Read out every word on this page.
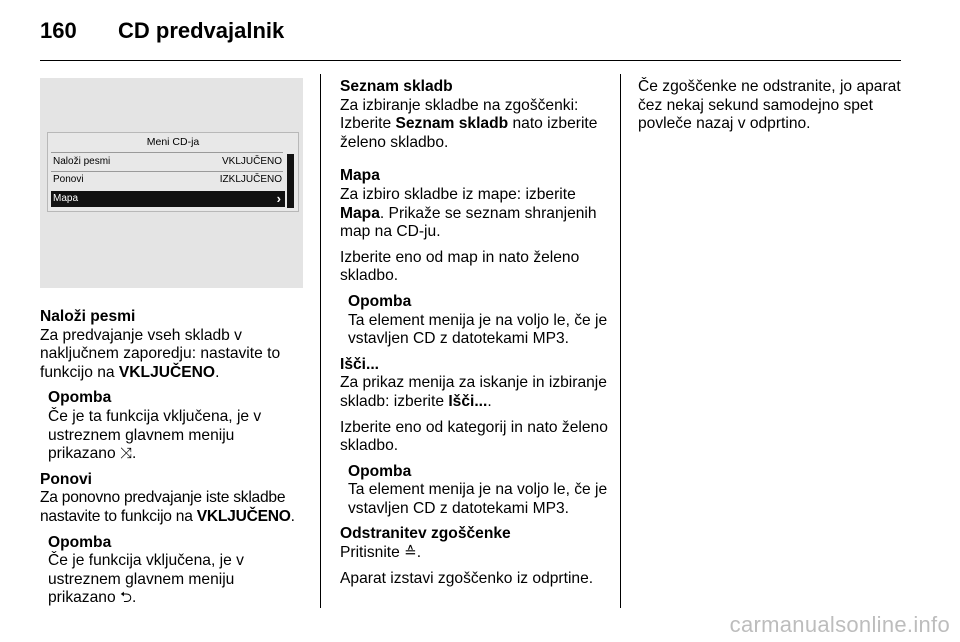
160 CD predvajalnik
Meni CD-ja
Naloži pesmi	VKLJUČENO
Ponovi	IZKLJUČENO
Mapa	›
Naloži pesmi

Za predvajanje vseh skladb v naključnem zaporedju: nastavite to funkcijo na VKLJUČENO.

Opomba
Če je ta funkcija vključena, je v ustreznem glavnem meniju prikazano ⤨.
Ponovi

Za ponovno predvajanje iste skladbe nastavite to funkcijo na VKLJUČENO.

Opomba
Če je funkcija vključena, je v ustreznem glavnem meniju prikazano ⮌.
Seznam skladb

Za izbiranje skladbe na zgoščenki: Izberite Seznam skladb nato izberite želeno skladbo.

Mapa

Za izbiro skladbe iz mape: izberite Mapa. Prikaže se seznam shranjenih map na CD-ju.

Izberite eno od map in nato želeno skladbo.

Opomba
Ta element menija je na voljo le, če je vstavljen CD z datotekami MP3.
Išči...

Za prikaz menija za iskanje in izbiranje skladb: izberite Išči....

Izberite eno od kategorij in nato želeno skladbo.

Opomba
Ta element menija je na voljo le, če je vstavljen CD z datotekami MP3.
Odstranitev zgoščenke

Pritisnite ≙.

Aparat izstavi zgoščenko iz odprtine.

Če zgoščenke ne odstranite, jo aparat čez nekaj sekund samodejno spet povleče nazaj v odprtino.

carmanualsonline.info
